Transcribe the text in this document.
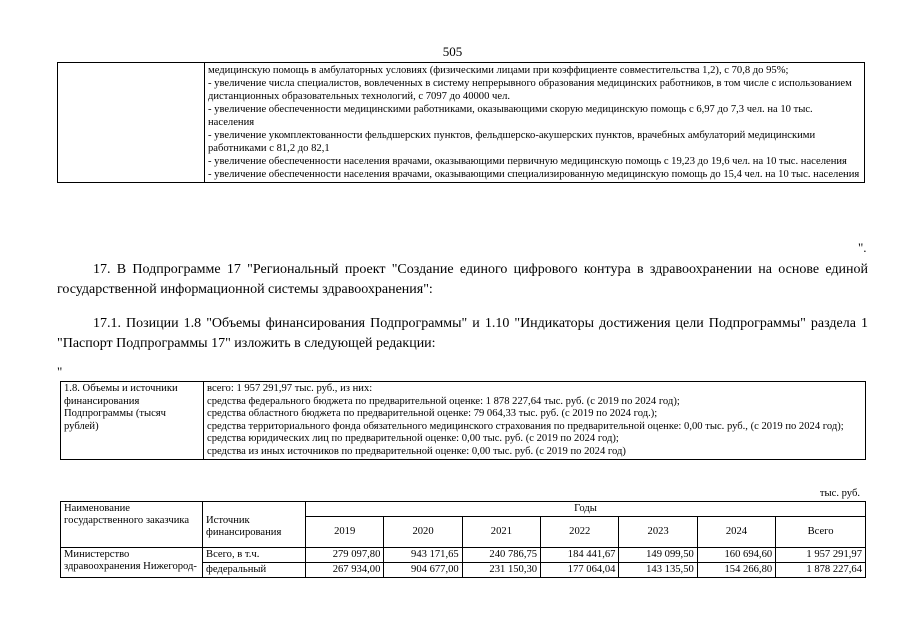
505

медицинскую помощь в амбулаторных условиях (физическими лицами при коэффициенте совместительства 1,2), с 70,8 до 95%;
- увеличение числа специалистов, вовлеченных в систему непрерывного образования медицинских работников, в том числе с использованием дистанционных образовательных технологий, с 7097 до 40000 чел.
- увеличение обеспеченности медицинскими работниками, оказывающими скорую медицинскую помощь с 6,97 до 7,3 чел. на 10 тыс. населения
- увеличение укомплектованности фельдшерских пунктов, фельдшерско-акушерских пунктов, врачебных амбулаторий медицинскими работниками с 81,2 до 82,1
- увеличение обеспеченности населения врачами, оказывающими первичную медицинскую помощь с 19,23 до 19,6 чел. на 10 тыс. населения
- увеличение обеспеченности населения врачами, оказывающими специализированную медицинскую помощь до 15,4 чел. на 10 тыс. населения
".
17. В Подпрограмме 17 "Региональный проект "Создание единого цифрового контура в здравоохранении на основе единой государственной информационной системы здравоохранения":
17.1. Позиции 1.8 "Объемы финансирования Подпрограммы" и 1.10 "Индикаторы достижения цели Подпрограммы" раздела 1 "Паспорт Подпрограммы 17" изложить в следующей редакции:
"
1.8. Объемы и источники финансирования Подпрограммы (тысяч рублей)	
всего: 1 957 291,97 тыс. руб., из них:
средства федерального бюджета по предварительной оценке: 1 878 227,64 тыс. руб. (с 2019 по 2024 год);
средства областного бюджета по предварительной оценке: 79 064,33 тыс. руб. (с 2019 по 2024 год.);
средства территориального фонда обязательного медицинского страхования по предварительной оценке: 0,00 тыс. руб., (с 2019 по 2024 год);
средства юридических лиц по предварительной оценке: 0,00 тыс. руб. (с 2019 по 2024 год);
средства из иных источников по предварительной оценке: 0,00 тыс. руб. (с 2019 по 2024 год)
тыс. руб.
Наименование государственного заказчика	Источник финансирования	Годы						
		2019	2020	2021	2022	2023	2024	Всего
Министерство здравоохранения Нижегород-	Всего, в т.ч.	279 097,80	943 171,65	240 786,75	184 441,67	149 099,50	160 694,60	1 957 291,97
	федеральный	267 934,00	904 677,00	231 150,30	177 064,04	143 135,50	154 266,80	1 878 227,64
